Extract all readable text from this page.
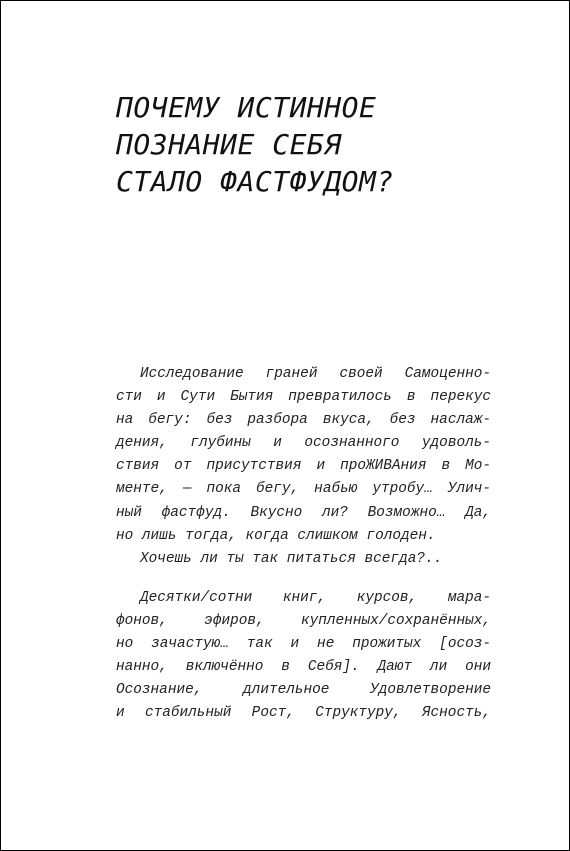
ПОЧЕМУ ИСТИННОЕ
ПОЗНАНИЕ СЕБЯ
СТАЛО ФАСТФУДОМ?
Исследование граней своей Самоценно-
сти и Сути Бытия превратилось в перекус
на бегу: без разбора вкуса, без наслаж-
дения, глубины и осознанного удоволь-
ствия от присутствия и проЖИВАния в Мо-
менте, — пока бегу, набью утробу… Улич-
ный фастфуд. Вкусно ли? Возможно… Да,
но лишь тогда, когда слишком голоден.
Хочешь ли ты так питаться всегда?..
Десятки/сотни книг, курсов, мара-
фонов, эфиров, купленных/сохранённых,
но зачастую… так и не прожитых [осоз-
нанно, включённо в Себя]. Дают ли они
Осознание, длительное Удовлетворение
и стабильный Рост, Структуру, Ясность,
